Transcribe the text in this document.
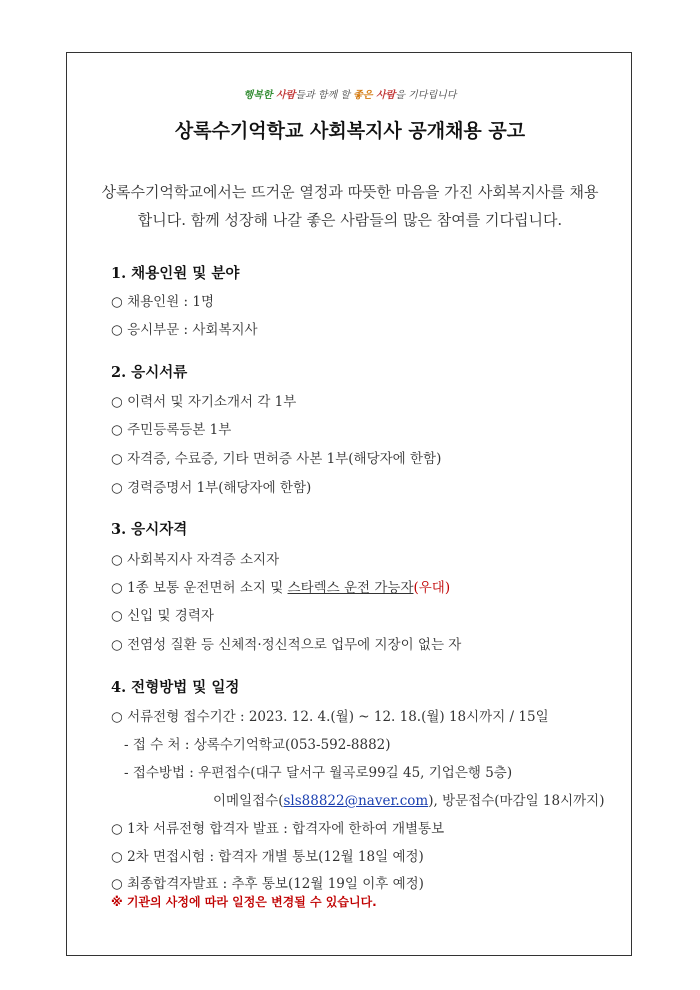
행복한 사람들과 함께 할 좋은 사람을 기다립니다
상록수기억학교 사회복지사 공개채용 공고
상록수기억학교에서는 뜨거운 열정과 따뜻한 마음을 가진 사회복지사를 채용합니다. 함께 성장해 나갈 좋은 사람들의 많은 참여를 기다립니다.
1. 채용인원 및 분야
○ 채용인원 : 1명
○ 응시부문 : 사회복지사
2. 응시서류
○ 이력서 및 자기소개서 각 1부
○ 주민등록등본 1부
○ 자격증, 수료증, 기타 면허증 사본 1부(해당자에 한함)
○ 경력증명서 1부(해당자에 한함)
3. 응시자격
○ 사회복지사 자격증 소지자
○ 1종 보통 운전면허 소지 및 스타렉스 운전 가능자(우대)
○ 신입 및 경력자
○ 전염성 질환 등 신체적·정신적으로 업무에 지장이 없는 자
4. 전형방법 및 일정
○ 서류전형 접수기간 : 2023. 12. 4.(월) ~ 12. 18.(월) 18시까지 / 15일
- 접 수 처 : 상록수기억학교(053-592-8882)
- 접수방법 : 우편접수(대구 달서구 월곡로99길 45, 기업은행 5층)
이메일접수(sls88822@naver.com), 방문접수(마감일 18시까지)
○ 1차 서류전형 합격자 발표 : 합격자에 한하여 개별통보
○ 2차 면접시험 : 합격자 개별 통보(12월 18일 예정)
○ 최종합격자발표 : 추후 통보(12월 19일 이후 예정)
※ 기관의 사정에 따라 일정은 변경될 수 있습니다.
